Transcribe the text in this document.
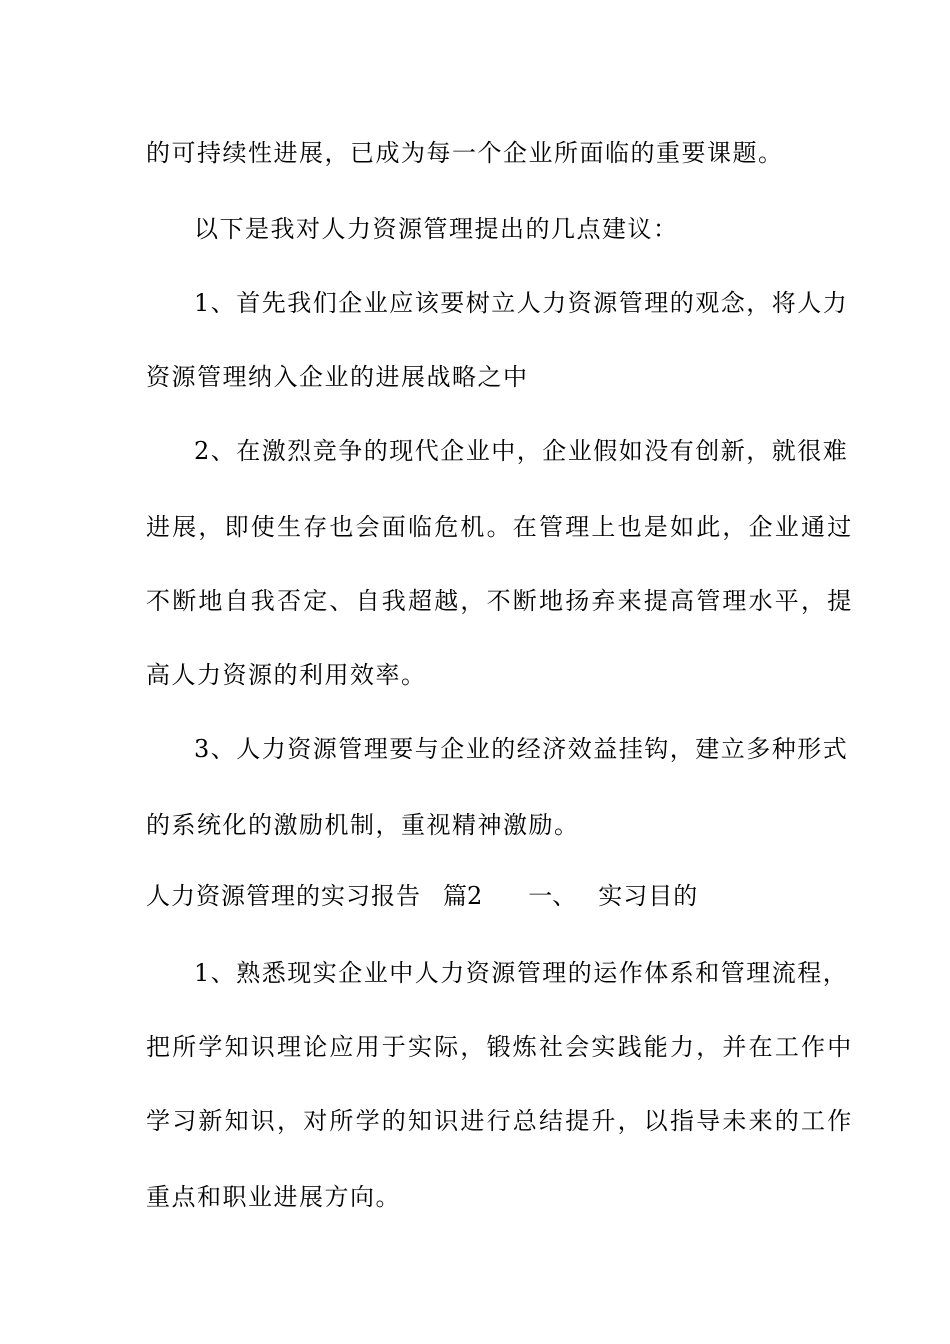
的可持续性进展，已成为每一个企业所面临的重要课题。
以下是我对人力资源管理提出的几点建议：
1、首先我们企业应该要树立人力资源管理的观念，将人力
资源管理纳入企业的进展战略之中
2、在激烈竞争的现代企业中，企业假如没有创新，就很难
进展，即使生存也会面临危机。在管理上也是如此，企业通过
不断地自我否定、自我超越，不断地扬弃来提高管理水平，提
高人力资源的利用效率。
3、人力资源管理要与企业的经济效益挂钩，建立多种形式
的系统化的激励机制，重视精神激励。
人力资源管理的实习报告 篇2 一、 实习目的
1、熟悉现实企业中人力资源管理的运作体系和管理流程，
把所学知识理论应用于实际，锻炼社会实践能力，并在工作中
学习新知识，对所学的知识进行总结提升，以指导未来的工作
重点和职业进展方向。
